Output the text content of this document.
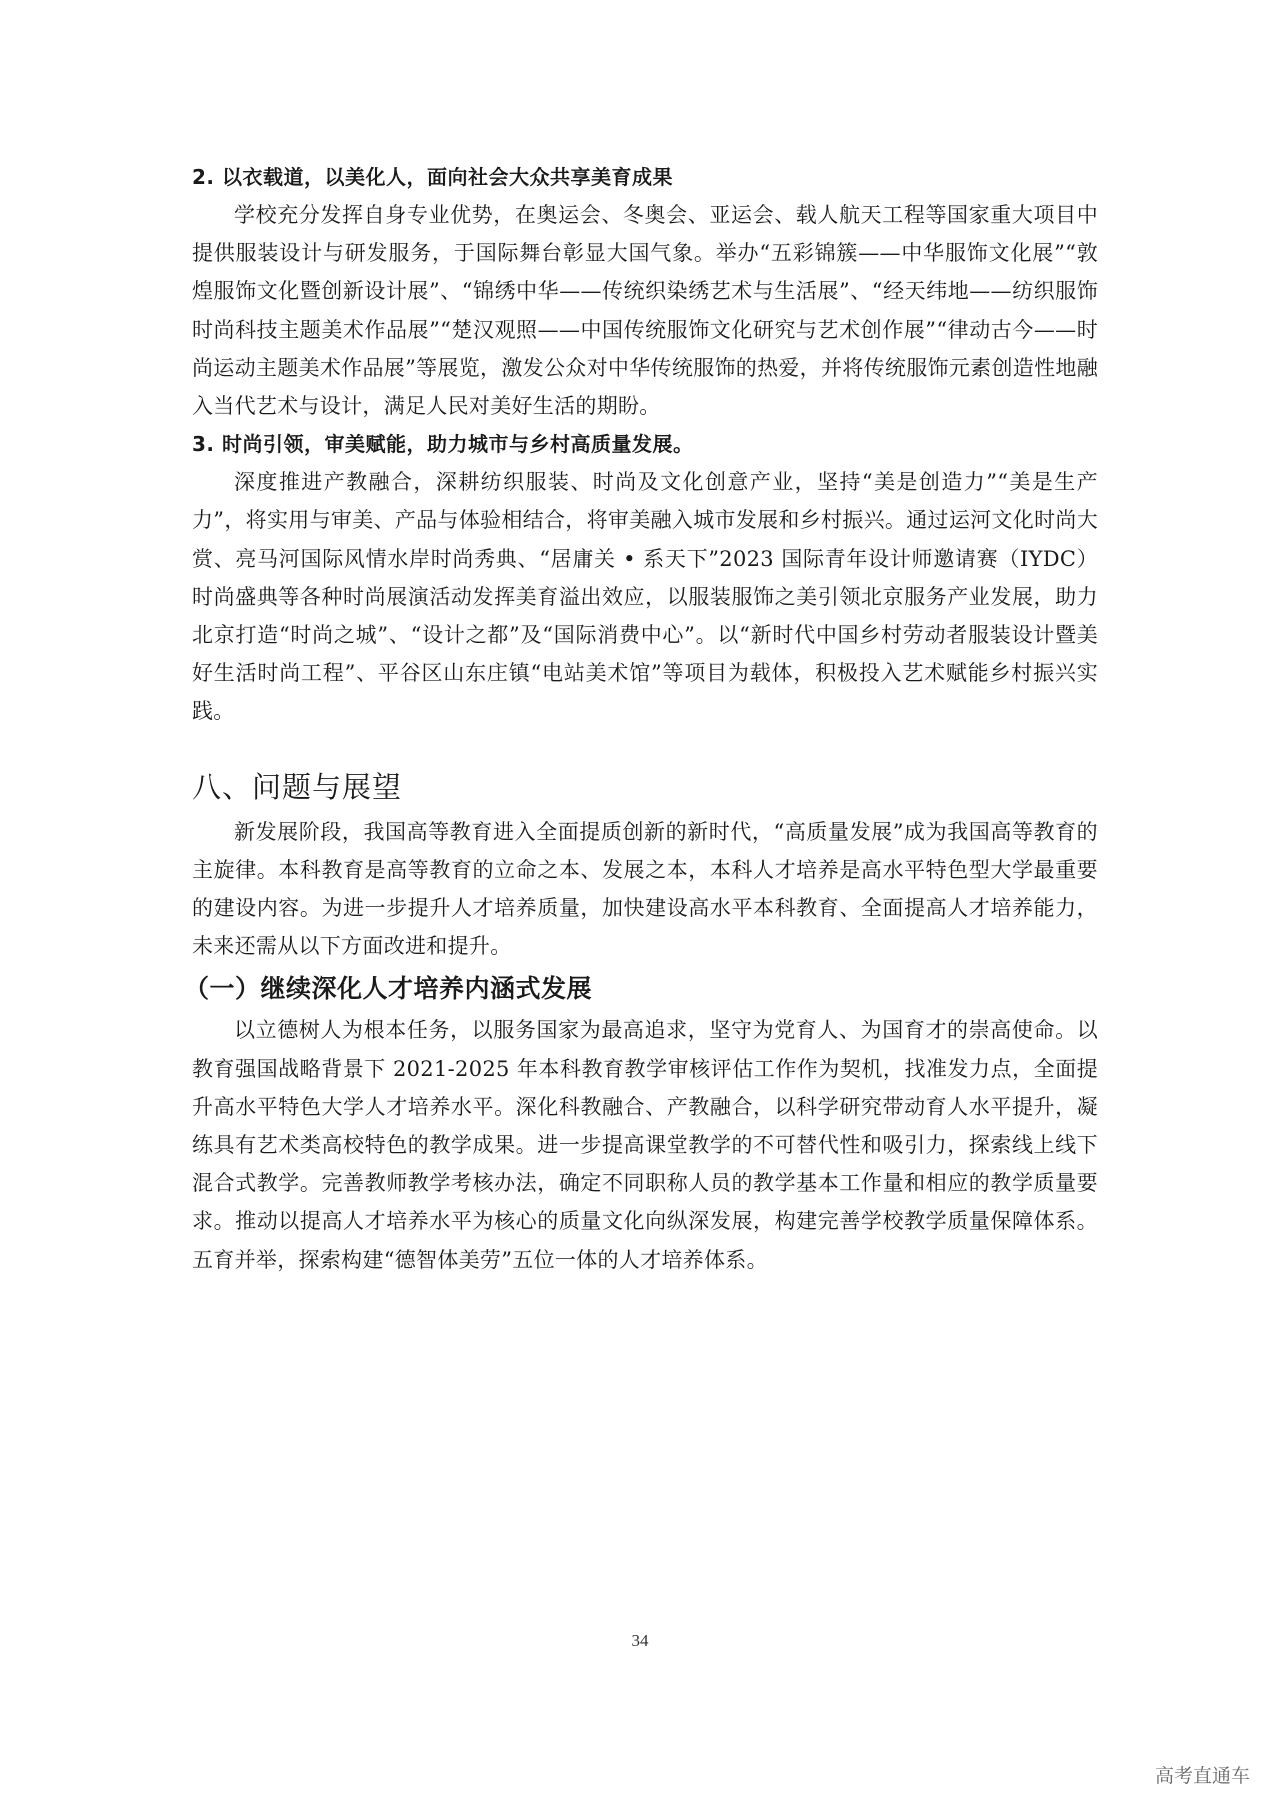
2. 以衣载道，以美化人，面向社会大众共享美育成果

学校充分发挥自身专业优势，在奥运会、冬奥会、亚运会、载人航天工程等国家重大项目中提供服装设计与研发服务，于国际舞台彰显大国气象。举办“五彩锦簇——中华服饰文化展”“敦煌服饰文化暨创新设计展”、“锦绣中华——传统织染绣艺术与生活展”、“经天纬地——纺织服饰时尚科技主题美术作品展”“楚汉观照——中国传统服饰文化研究与艺术创作展”“律动古今——时尚运动主题美术作品展”等展览，激发公众对中华传统服饰的热爱，并将传统服饰元素创造性地融入当代艺术与设计，满足人民对美好生活的期盼。

3. 时尚引领，审美赋能，助力城市与乡村高质量发展。

深度推进产教融合，深耕纺织服装、时尚及文化创意产业，坚持“美是创造力”“美是生产力”，将实用与审美、产品与体验相结合，将审美融入城市发展和乡村振兴。通过运河文化时尚大赏、亮马河国际风情水岸时尚秀典、“居庸关 • 系天下”2023 国际青年设计师邀请赛（IYDC）时尚盛典等各种时尚展演活动发挥美育溢出效应，以服装服饰之美引领北京服务产业发展，助力北京打造“时尚之城”、“设计之都”及“国际消费中心”。以“新时代中国乡村劳动者服装设计暨美好生活时尚工程”、平谷区山东庄镇“电站美术馆”等项目为载体，积极投入艺术赋能乡村振兴实践。

八、问题与展望

新发展阶段，我国高等教育进入全面提质创新的新时代，“高质量发展”成为我国高等教育的主旋律。本科教育是高等教育的立命之本、发展之本，本科人才培养是高水平特色型大学最重要的建设内容。为进一步提升人才培养质量，加快建设高水平本科教育、全面提高人才培养能力，未来还需从以下方面改进和提升。

（一）继续深化人才培养内涵式发展

以立德树人为根本任务，以服务国家为最高追求，坚守为党育人、为国育才的崇高使命。以教育强国战略背景下 2021-2025 年本科教育教学审核评估工作作为契机，找准发力点，全面提升高水平特色大学人才培养水平。深化科教融合、产教融合，以科学研究带动育人水平提升，凝练具有艺术类高校特色的教学成果。进一步提高课堂教学的不可替代性和吸引力，探索线上线下混合式教学。完善教师教学考核办法，确定不同职称人员的教学基本工作量和相应的教学质量要求。推动以提高人才培养水平为核心的质量文化向纵深发展，构建完善学校教学质量保障体系。五育并举，探索构建“德智体美劳”五位一体的人才培养体系。

34
高考直通车
